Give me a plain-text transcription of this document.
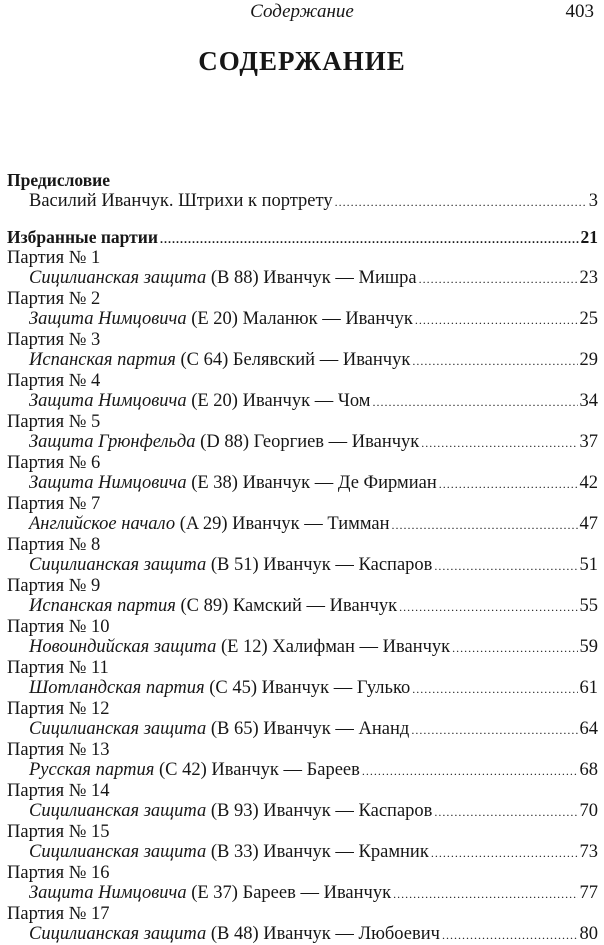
Содержание	403
СОДЕРЖАНИЕ
Предисловие
Василий Иванчук. Штрихи к портрету .....	3
Избранные партии .....	21
Партия № 1
Сицилианская защита
(B 88) Иванчук — Мишра .....	23
Партия № 2
Защита Нимцовича
(E 20) Маланюк — Иванчук .....	25
Партия № 3
Испанская партия
(C 64) Белявский — Иванчук .....	29
Партия № 4
Защита Нимцовича
(E 20) Иванчук — Чом .....	34
Партия № 5
Защита Грюнфельда
(D 88) Георгиев — Иванчук .....	37
Партия № 6
Защита Нимцовича
(E 38) Иванчук — Де Фирмиан .....	42
Партия № 7
Английское начало
(A 29) Иванчук — Тимман .....	47
Партия № 8
Сицилианская защита
(B 51) Иванчук — Каспаров .....	51
Партия № 9
Испанская партия
(C 89) Камский — Иванчук .....	55
Партия № 10
Новоиндийская защита
(E 12) Халифман — Иванчук .....	59
Партия № 11
Шотландская партия
(C 45) Иванчук — Гулько .....	61
Партия № 12
Сицилианская защита
(B 65) Иванчук — Ананд .....	64
Партия № 13
Русская партия
(C 42) Иванчук — Бареев .....	68
Партия № 14
Сицилианская защита
(B 93) Иванчук — Каспаров .....	70
Партия № 15
Сицилианская защита
(B 33) Иванчук — Крамник .....	73
Партия № 16
Защита Нимцовича
(E 37) Бареев — Иванчук .....	77
Партия № 17
Сицилианская защита
(B 48) Иванчук — Любоевич .....	80
